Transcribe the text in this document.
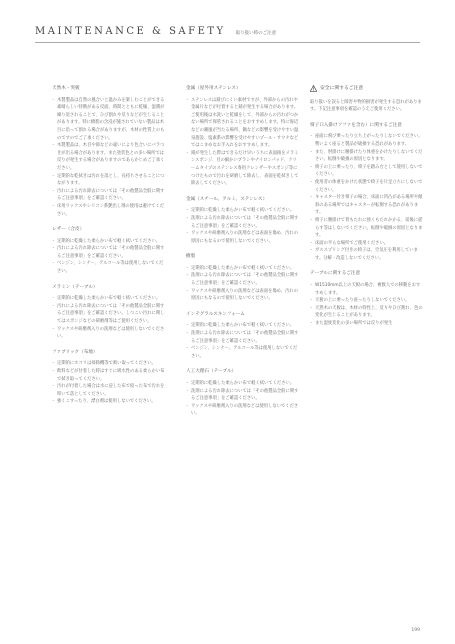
MAINTENANCE & SAFETY 取り扱い時のご注意
天然木・突板
・ 木製製品は自然の風合いと温かみを楽しむことができる素晴らしい特徴がある反面、時間とともに乾燥、湿潤が繰り返されることで、ひび割れや反りなどが生じることがあります。特に樹脂の含浸が施されていない製品は木目に沿って割れる場合がありますが、木材の性質上のものですのでご了承ください。
・ 木製製品は、木目や節などの違いにより色合いにバラつきが出る場合があります。また塗装色との多い場所では反りが発生する場合がありますのであらかじめご了承ください。
・ 定期的な乾拭きは汚れを落とし、長持ちさせることにつながります。
・ 汚れによる汚れ除去については「その他製品全般に関するご注意事項」をご確認ください。
・ 床用ワックスやシリコン系艶出し剤の使用は避けてください。
レザー（合皮）
・ 定期的に乾燥した柔らかい布で軽く拭いてください。
・ 汚れによる汚れ除去については「その他製品全般に関するご注意事項」をご確認ください。
・ ベンジン、シンナー、アルコール等は使用しないでください。
メラミン（テーブル）
・ 定期的に乾燥した柔らかい布で軽く拭いてください。
・ 汚れによる汚れ除去については「その他製品全般に関するご注意事項」をご確認ください。しつこい汚れに関してはスポンジなどの研磨剤等はご使用ください。
・ ワックスや研磨剤入りの洗剤などは使用しないでください。
ファブリック（布地）
・ 定期的にホコリは掃除機等で吸い取ってください。
・ 飲料などが付着した時はすぐに吸水性のある柔らかい布で拭き取ってください。
・ 汚れが付着した場合は水に浸した布で絞った布で汚れを叩いて落としてください。
・ 強くこすったり、漂白剤は使用しないでください。
金属（屋外用ステンレス）
・ ステンレスは錆びにくい素材ですが、外部からの汚れや金属片などが付着すると錆が発生する場合があります。ご使用後は水洗いと乾燥をして、外部からの汚れがつかない場所で保管されることをおすすめします。特に海辺などの潮風が当たる場所、鍋などの影響を受けやすい温泉施設、塩素系の影響を受けやすいプール・サウナなどではこまめなお手入れをおすすめします。
・ 錆が発生した際はできるだけ早いうちに表面錆をメラミンスポンジ、目の細かいブラシやナイロンパッド、クリームタイプのステンレス専用クレンザーやスポンジ等につけたもので汚れを研磨して除去し、表面を乾拭きして除去してください。
金属（スチール、アルミ、ステンレス）
・ 定期的に乾燥した柔らかい布で軽く拭いてください。
・ 洗剤による汚れ除去については「その他製品全般に関するご注意事項」をご確認ください。
・ ワックスや研磨剤入りの洗剤などは表面を傷め、汚れの原因にもなるので使用しないでください。
樹脂
・ 定期的に乾燥した柔らかい布で軽く拭いてください。
・ 洗剤による汚れ除去については「その他製品全般に関するご注意事項」をご確認ください。
・ ワックスや研磨剤入りの洗剤などは表面を傷め、汚れの原因にもなるので使用しないでください。
インテグラルスキンフォーム
・ 定期的に乾燥した柔らかい布で軽く拭いてください。
・ 洗剤による汚れ除去については「その他製品全般に関するご注意事項」をご確認ください。
・ ベンジン、シンナー、アルコール等は使用しないでください。
人工大理石（テーブル）
・ 定期的に乾燥した柔らかい布で軽く拭いてください。
・ 洗剤による汚れ除去については「その他製品全般に関するご注意事項」をご確認ください。
・ ワックスや研磨剤入りの洗剤などは使用しないでください。
安全に関するご注意
取り扱いを誤ると障害や物的損害が発生する恐れがあります。下記注意事項を確認のうえご使用ください。
椅子口入掛けソファを含む）に関するご注意
・ 座面に飛び乗ったり立ち上がったりしないでください。勢いよく座ると製品が破損する恐れがあります。
・ また、肘掛けに腰掛けたり体重をかけたりしないでください。転倒や破損の原因となります。
・ 椅子の上に乗ったり、椅子を踏み台として使用しないでください。
・ 使用者の体重をかけた状態で椅子を片足立ちにしないでください。
・ キャスター付き椅子の場合、床面に凹凸がある場所や傾斜のある場所ではキャスターが転倒する恐れがあります。
・ 椅子に腰掛けて背もたれに強くもたれかかる、前後に揺らす等はしないでください。転倒や破損の原因となります。
・ 床面の平らな場所でご使用ください。
・ ガススプリング付きの椅子は、空気圧を利用しています。分解・改造しないでください。
テーブルに関するご注意
・ W1510mm以上の天板の場合、複数人での移動をおすすめします。
・ 天板の上に乗ったり座ったりしないでください。
・ 天然木の天板は、木材の特性上、反りやひび割れ、色の変化が生じることがあります。
・ また湿度変化の多い場所では反りが発生
199
